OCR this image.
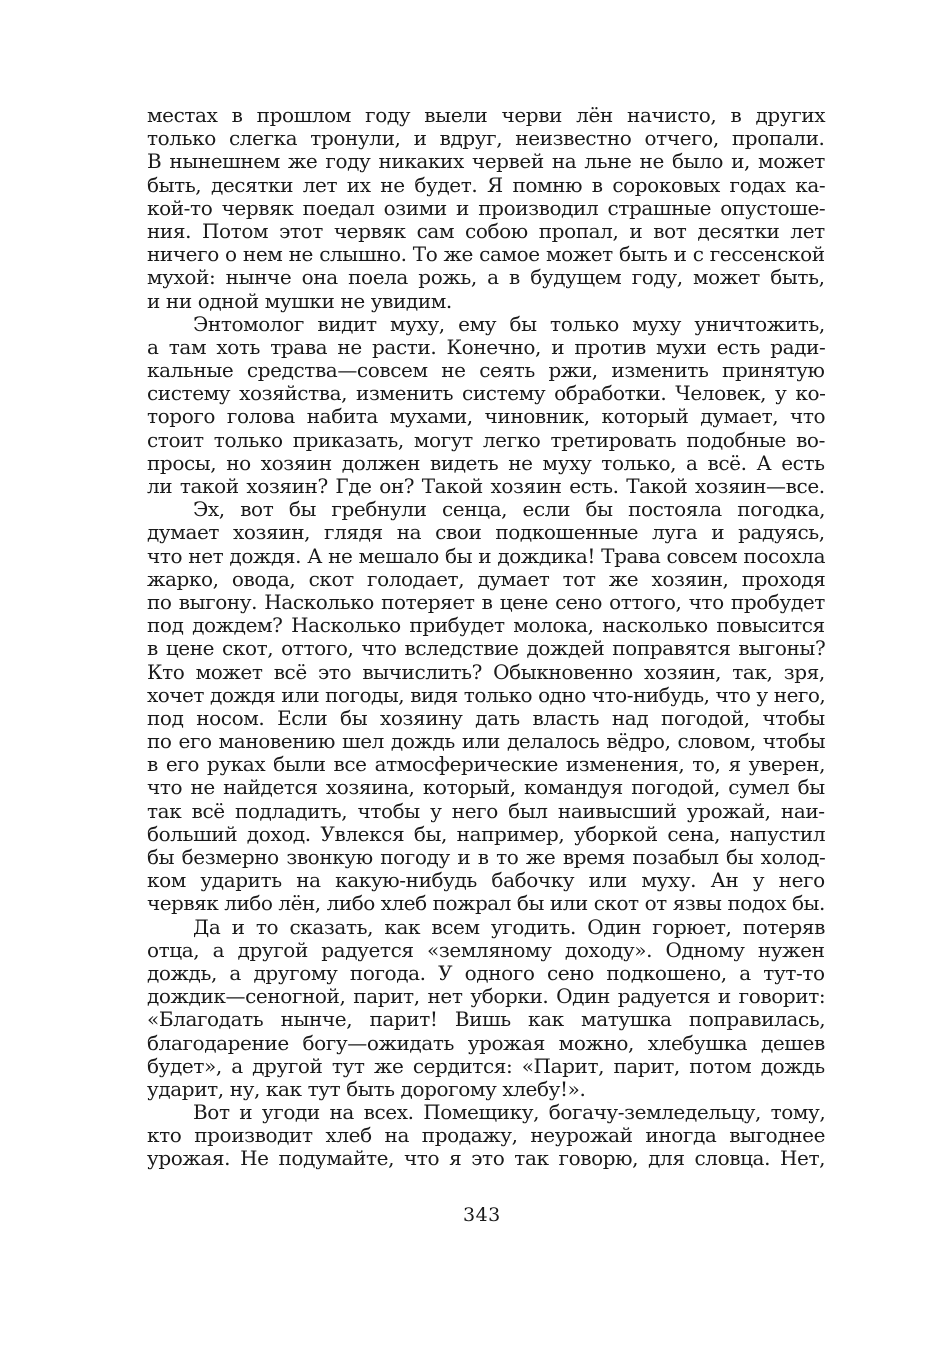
местах в прошлом году выели черви лён начисто, в других
только слегка тронули, и вдруг, неизвестно отчего, пропали.
В нынешнем же году никаких червей на льне не было и, может
быть, десятки лет их не будет. Я помню в сороковых годах ка-
кой-то червяк поедал озими и производил страшные опустоше-
ния. Потом этот червяк сам собою пропал, и вот десятки лет
ничего о нем не слышно. То же самое может быть и с гессенской
мухой: нынче она поела рожь, а в будущем году, может быть,
и ни одной мушки не увидим.
Энтомолог видит муху, ему бы только муху уничтожить,
а там хоть трава не расти. Конечно, и против мухи есть ради-
кальные средства—совсем не сеять ржи, изменить принятую
систему хозяйства, изменить систему обработки. Человек, у ко-
торого голова набита мухами, чиновник, который думает, что
стоит только приказать, могут легко третировать подобные во-
просы, но хозяин должен видеть не муху только, а всё. А есть
ли такой хозяин? Где он? Такой хозяин есть. Такой хозяин—все.
Эх, вот бы гребнули сенца, если бы постояла погодка,
думает хозяин, глядя на свои подкошенные луга и радуясь,
что нет дождя. А не мешало бы и дождика! Трава совсем посохла
жарко, овода, скот голодает, думает тот же хозяин, проходя
по выгону. Насколько потеряет в цене сено оттого, что пробудет
под дождем? Насколько прибудет молока, насколько повысится
в цене скот, оттого, что вследствие дождей поправятся выгоны?
Кто может всё это вычислить? Обыкновенно хозяин, так, зря,
хочет дождя или погоды, видя только одно что-нибудь, что у него,
под носом. Если бы хозяину дать власть над погодой, чтобы
по его мановению шел дождь или делалось вёдро, словом, чтобы
в его руках были все атмосферические изменения, то, я уверен,
что не найдется хозяина, который, командуя погодой, сумел бы
так всё подладить, чтобы у него был наивысший урожай, наи-
больший доход. Увлекся бы, например, уборкой сена, напустил
бы безмерно звонкую погоду и в то же время позабыл бы холод-
ком ударить на какую-нибудь бабочку или муху. Ан у него
червяк либо лён, либо хлеб пожрал бы или скот от язвы подох бы.
Да и то сказать, как всем угодить. Один горюет, потеряв
отца, а другой радуется «земляному доходу». Одному нужен
дождь, а другому погода. У одного сено подкошено, а тут-то
дождик—сеногной, парит, нет уборки. Один радуется и говорит:
«Благодать нынче, парит! Вишь как матушка поправилась,
благодарение богу—ожидать урожая можно, хлебушка дешев
будет», а другой тут же сердится: «Парит, парит, потом дождь
ударит, ну, как тут быть дорогому хлебу!».
Вот и угоди на всех. Помещику, богачу-земледельцу, тому,
кто производит хлеб на продажу, неурожай иногда выгоднее
урожая. Не подумайте, что я это так говорю, для словца. Нет,
343
